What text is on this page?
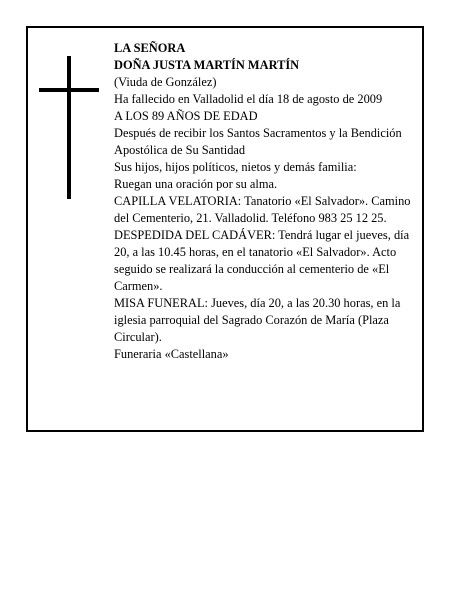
LA SEÑORA
DOÑA JUSTA MARTÍN MARTÍN
(Viuda de González)
Ha fallecido en Valladolid el día 18 de agosto de 2009
A LOS 89 AÑOS DE EDAD
Después de recibir los Santos Sacramentos y la Bendición Apostólica de Su Santidad
Sus hijos, hijos políticos, nietos y demás familia:
Ruegan una oración por su alma.
CAPILLA VELATORIA: Tanatorio «El Salvador». Camino del Cementerio, 21. Valladolid. Teléfono 983 25 12 25.
DESPEDIDA DEL CADÁVER: Tendrá lugar el jueves, día 20, a las 10.45 horas, en el tanatorio «El Salvador». Acto seguido se realizará la conducción al cementerio de «El Carmen».
MISA FUNERAL: Jueves, día 20, a las 20.30 horas, en la iglesia parroquial del Sagrado Corazón de María (Plaza Circular).
Funeraria «Castellana»
